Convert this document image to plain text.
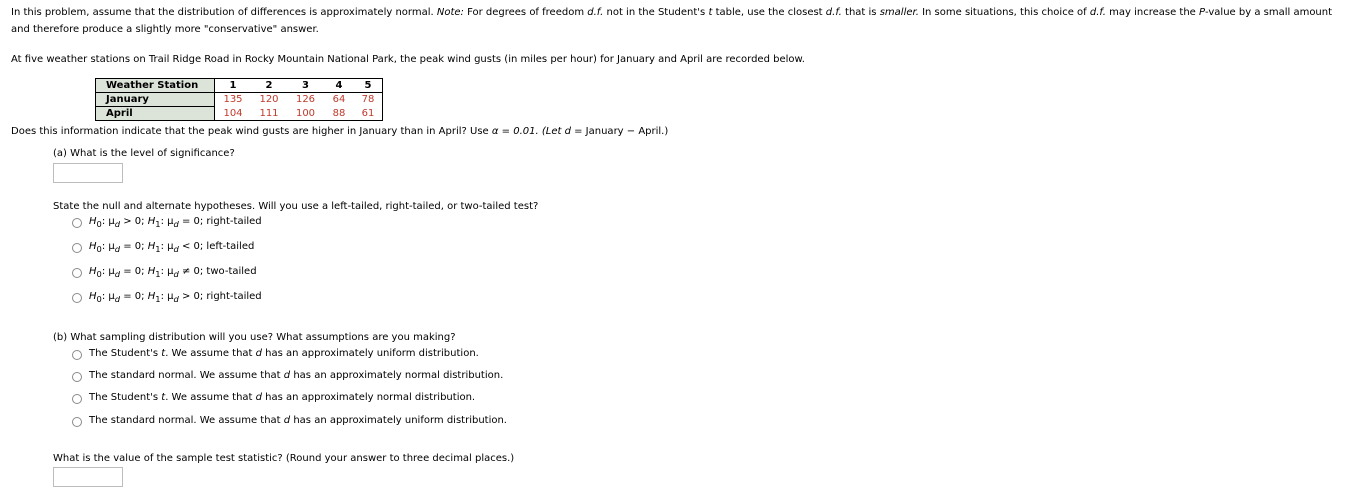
In this problem, assume that the distribution of differences is approximately normal. Note: For degrees of freedom d.f. not in the Student's t table, use the closest d.f. that is smaller. In some situations, this choice of d.f. may increase the P-value by a small amount and therefore produce a slightly more "conservative" answer.
At five weather stations on Trail Ridge Road in Rocky Mountain National Park, the peak wind gusts (in miles per hour) for January and April are recorded below.
Weather Station	1	2	3	4	5
January	135	120	126	64	78
April	104	111	100	88	61
Does this information indicate that the peak wind gusts are higher in January than in April? Use α = 0.01. (Let d = January − April.)
(a) What is the level of significance?
State the null and alternate hypotheses. Will you use a left-tailed, right-tailed, or two-tailed test?
$H_0$: $\mu_d > 0$; $H_1$: $\mu_d = 0$; right-tailed
$H_0$: $\mu_d = 0$; $H_1$: $\mu_d < 0$; left-tailed
$H_0$: $\mu_d = 0$; $H_1$: $\mu_d \ne 0$; two-tailed
$H_0$: $\mu_d = 0$; $H_1$: $\mu_d > 0$; right-tailed
(b) What sampling distribution will you use? What assumptions are you making?
The Student's t. We assume that d has an approximately uniform distribution.
The standard normal. We assume that d has an approximately normal distribution.
The Student's t. We assume that d has an approximately normal distribution.
The standard normal. We assume that d has an approximately uniform distribution.
What is the value of the sample test statistic? (Round your answer to three decimal places.)
